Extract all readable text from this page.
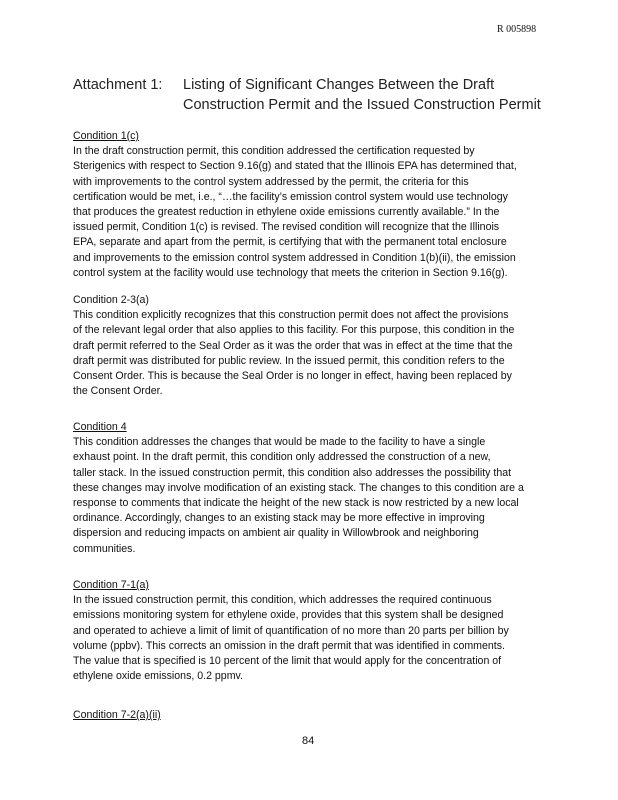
R 005898
Attachment 1: Listing of Significant Changes Between the Draft
Construction Permit and the Issued Construction Permit
Condition 1(c)
In the draft construction permit, this condition addressed the certification requested by
Sterigenics with respect to Section 9.16(g) and stated that the Illinois EPA has determined that,
with improvements to the control system addressed by the permit, the criteria for this
certification would be met, i.e., “…the facility’s emission control system would use technology
that produces the greatest reduction in ethylene oxide emissions currently available.” In the
issued permit, Condition 1(c) is revised. The revised condition will recognize that the Illinois
EPA, separate and apart from the permit, is certifying that with the permanent total enclosure
and improvements to the emission control system addressed in Condition 1(b)(ii), the emission
control system at the facility would use technology that meets the criterion in Section 9.16(g).
Condition 2-3(a)
This condition explicitly recognizes that this construction permit does not affect the provisions
of the relevant legal order that also applies to this facility. For this purpose, this condition in the
draft permit referred to the Seal Order as it was the order that was in effect at the time that the
draft permit was distributed for public review. In the issued permit, this condition refers to the
Consent Order. This is because the Seal Order is no longer in effect, having been replaced by
the Consent Order.
Condition 4
This condition addresses the changes that would be made to the facility to have a single
exhaust point. In the draft permit, this condition only addressed the construction of a new,
taller stack. In the issued construction permit, this condition also addresses the possibility that
these changes may involve modification of an existing stack. The changes to this condition are a
response to comments that indicate the height of the new stack is now restricted by a new local
ordinance. Accordingly, changes to an existing stack may be more effective in improving
dispersion and reducing impacts on ambient air quality in Willowbrook and neighboring
communities.
Condition 7-1(a)
In the issued construction permit, this condition, which addresses the required continuous
emissions monitoring system for ethylene oxide, provides that this system shall be designed
and operated to achieve a limit of limit of quantification of no more than 20 parts per billion by
volume (ppbv). This corrects an omission in the draft permit that was identified in comments.
The value that is specified is 10 percent of the limit that would apply for the concentration of
ethylene oxide emissions, 0.2 ppmv.
Condition 7-2(a)(ii)
84
